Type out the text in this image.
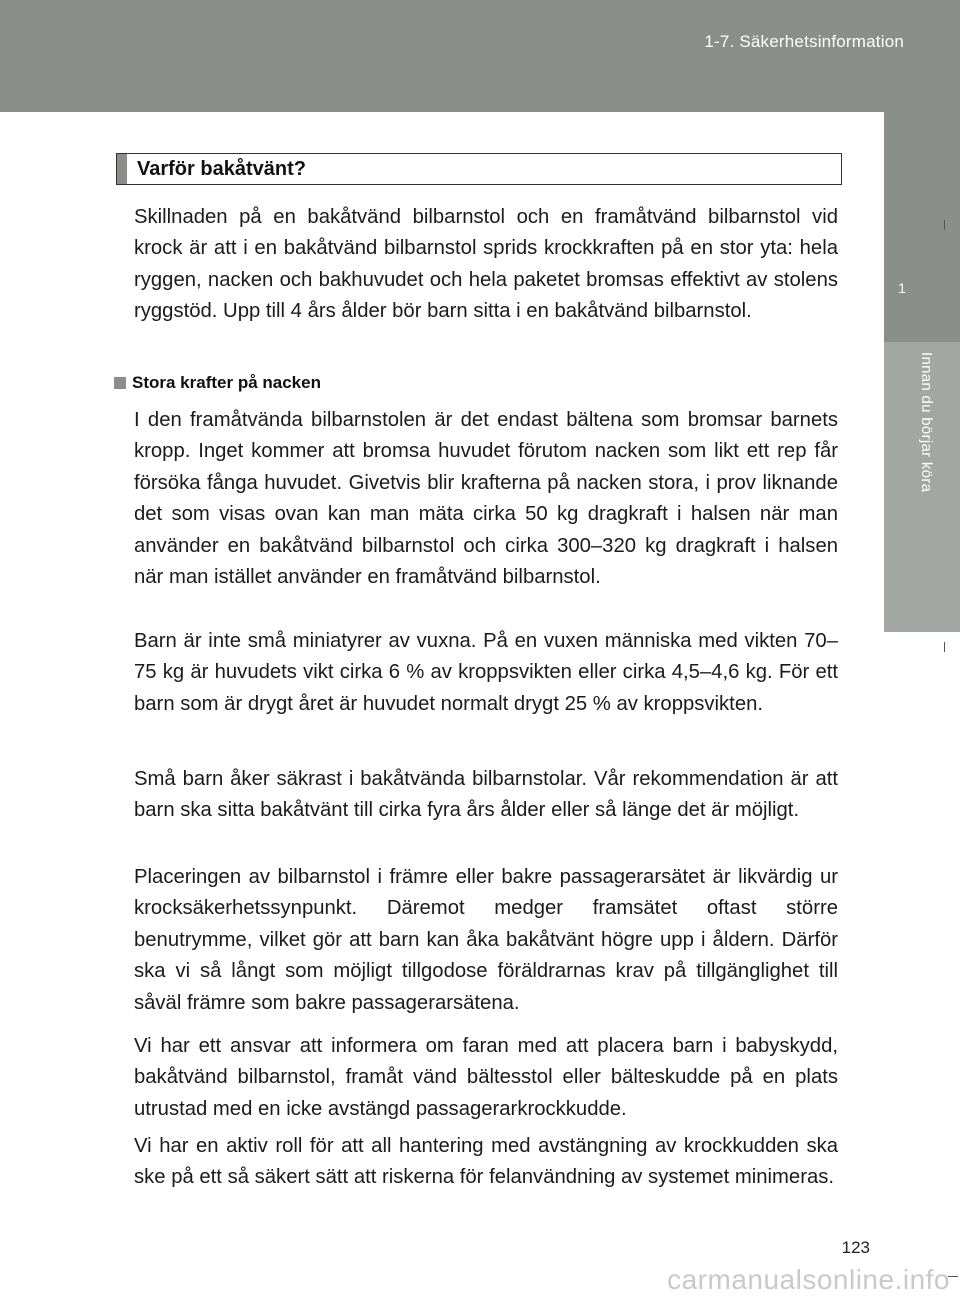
1-7. Säkerhetsinformation
1
Innan du börjar köra
Varför bakåtvänt?

Skillnaden på en bakåtvänd bilbarnstol och en framåtvänd bilbarnstol vid krock är att i en bakåtvänd bilbarnstol sprids krockkraften på en stor yta: hela ryggen, nacken och bakhuvudet och hela paketet bromsas effektivt av stolens ryggstöd. Upp till 4 års ålder bör barn sitta i en bakåtvänd bilbarnstol.

Stora krafter på nacken

I den framåtvända bilbarnstolen är det endast bältena som bromsar barnets kropp. Inget kommer att bromsa huvudet förutom nacken som likt ett rep får försöka fånga huvudet. Givetvis blir krafterna på nacken stora, i prov liknande det som visas ovan kan man mäta cirka 50 kg dragkraft i halsen när man använder en bakåtvänd bilbarnstol och cirka 300–320 kg dragkraft i halsen när man istället använder en framåtvänd bilbarnstol.

Barn är inte små miniatyrer av vuxna. På en vuxen människa med vikten 70–75 kg är huvudets vikt cirka 6 % av kroppsvikten eller cirka 4,5–4,6 kg. För ett barn som är drygt året är huvudet normalt drygt 25 % av kroppsvikten.

Små barn åker säkrast i bakåtvända bilbarnstolar. Vår rekommendation är att barn ska sitta bakåtvänt till cirka fyra års ålder eller så länge det är möjligt.

Placeringen av bilbarnstol i främre eller bakre passagerarsätet är likvärdig ur krocksäkerhetssynpunkt. Däremot medger framsätet oftast större benutrymme, vilket gör att barn kan åka bakåtvänt högre upp i åldern. Därför ska vi så långt som möjligt tillgodose föräldrarnas krav på tillgänglighet till såväl främre som bakre passagerarsätena.

Vi har ett ansvar att informera om faran med att placera barn i babyskydd, bakåtvänd bilbarnstol, framåt vänd bältesstol eller bälteskudde på en plats utrustad med en icke avstängd passagerarkrockkudde.

Vi har en aktiv roll för att all hantering med avstängning av krockkudden ska ske på ett så säkert sätt att riskerna för felanvändning av systemet minimeras.

123
carmanualsonline.info
